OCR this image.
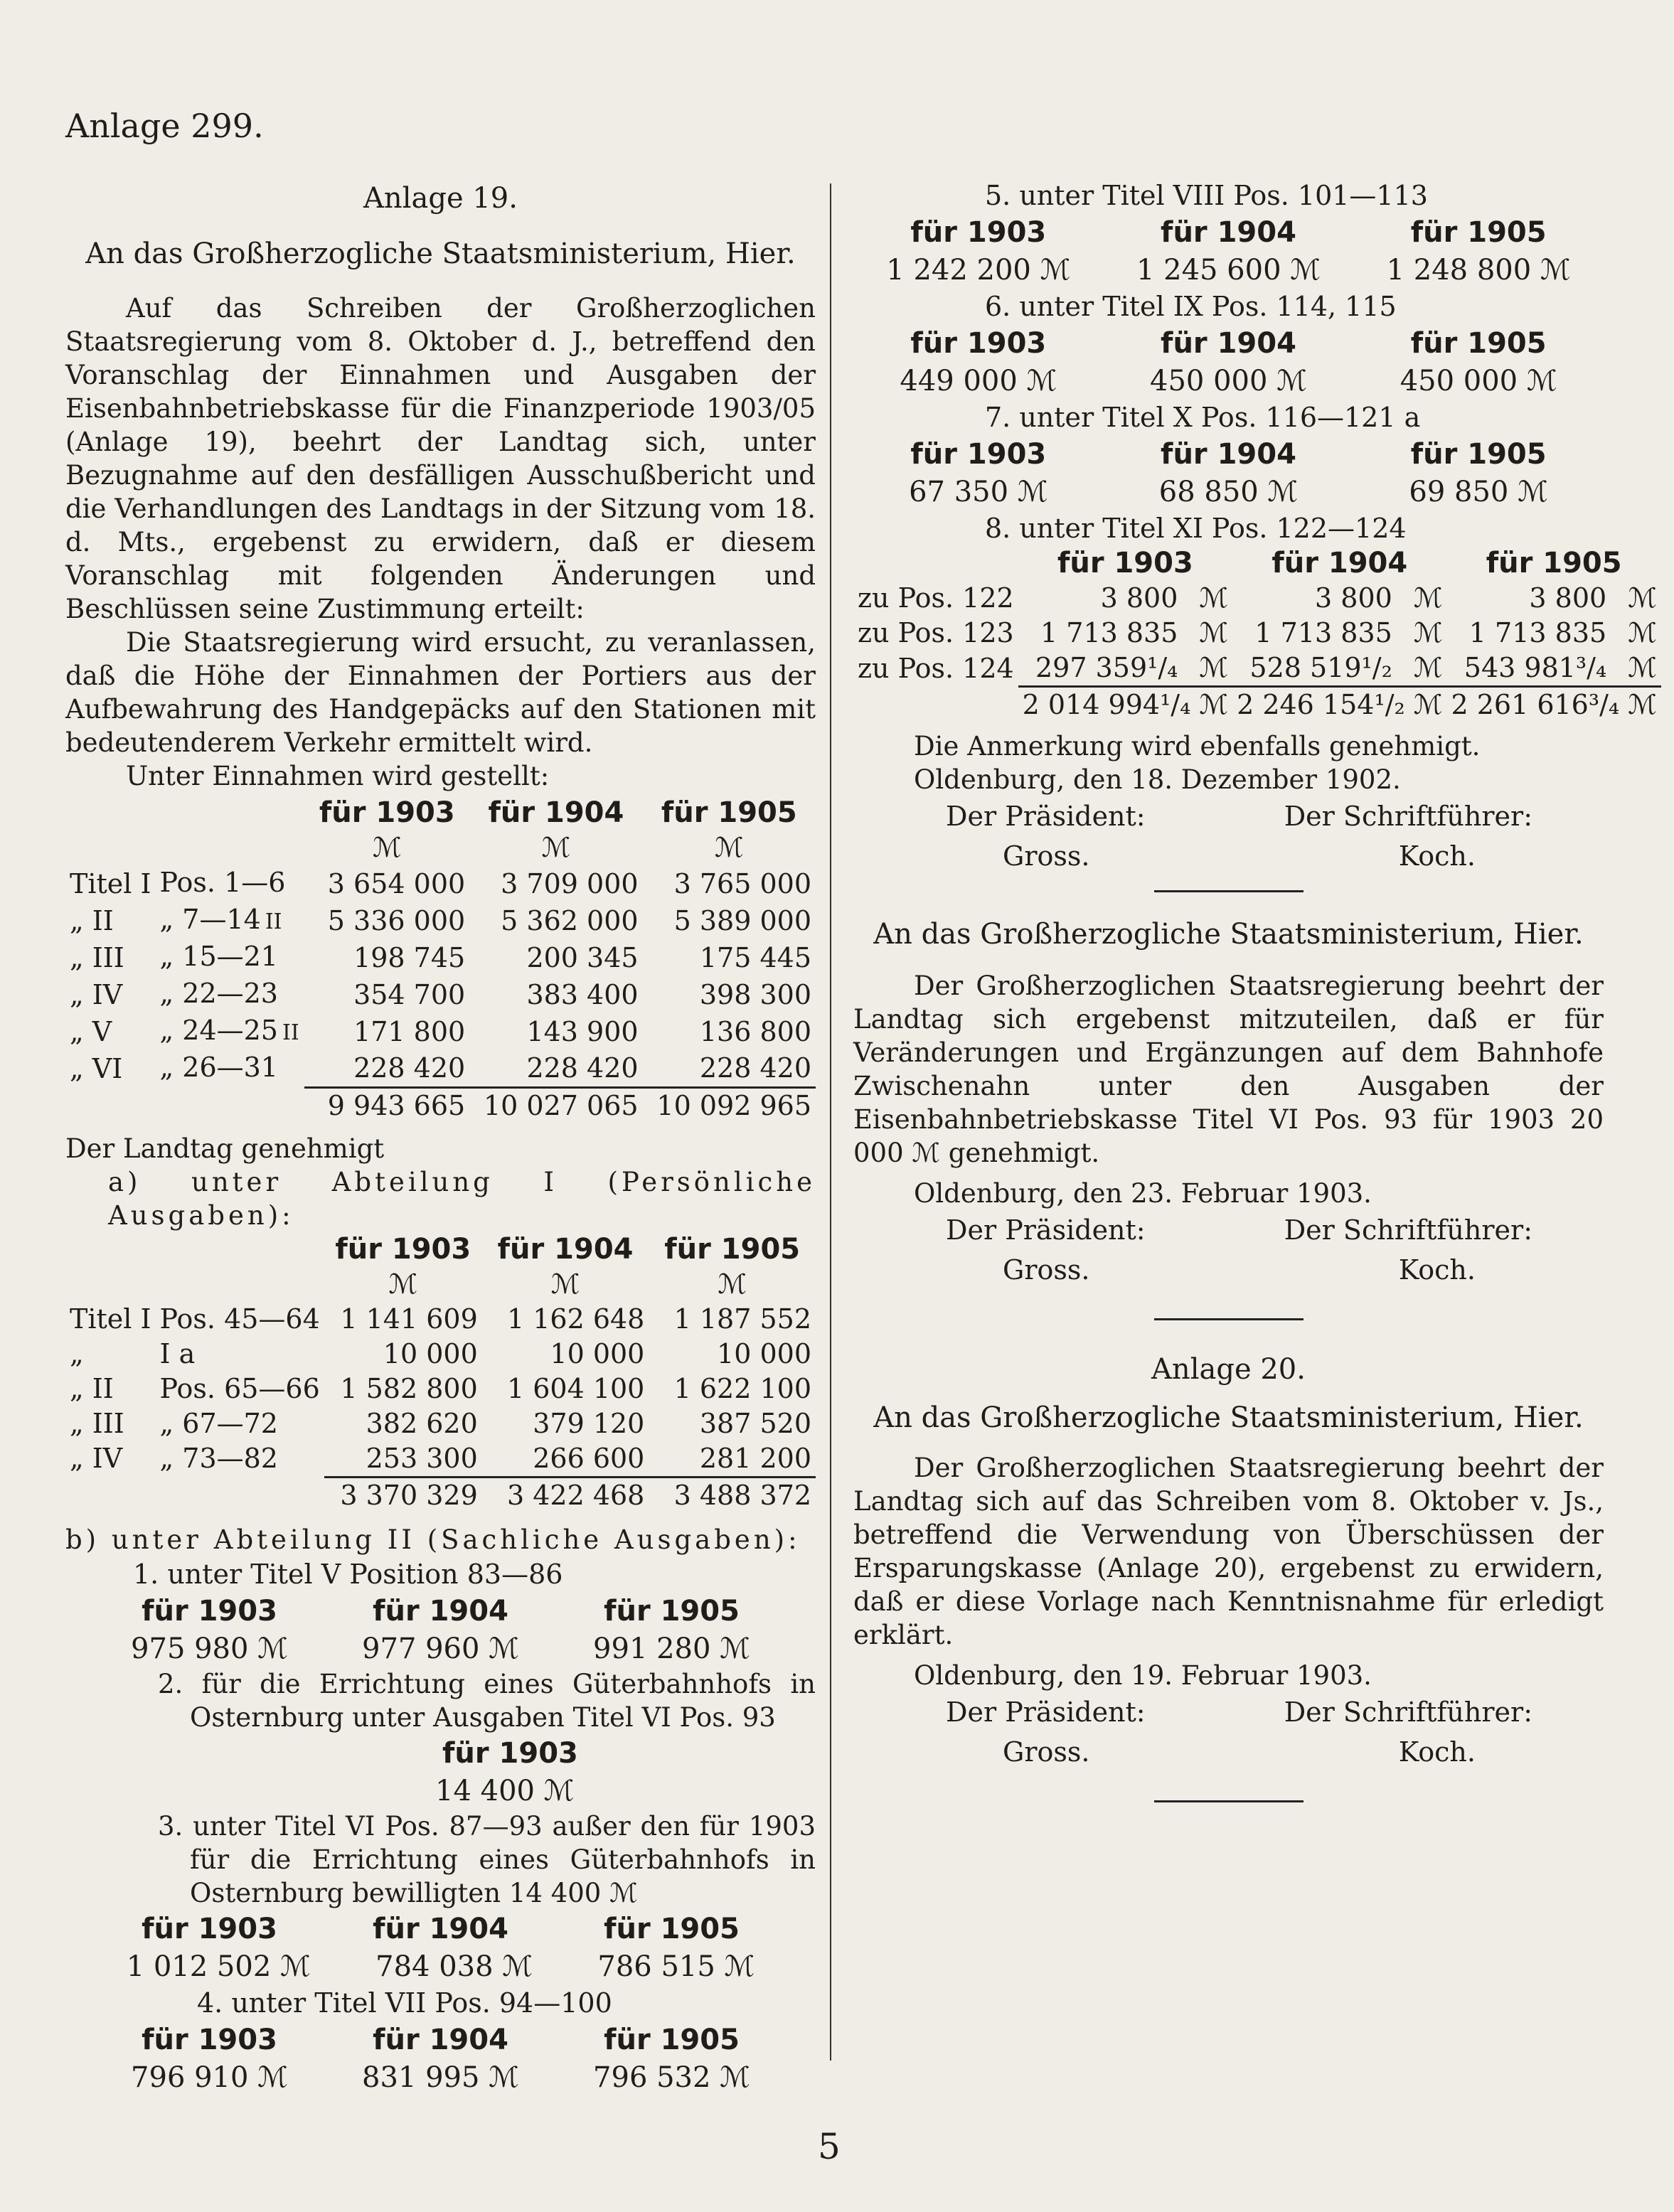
Anlage 299.

Anlage 19.

An das Großherzogliche Staatsministerium, Hier.

Auf das Schreiben der Großherzoglichen Staatsregierung vom 8. Oktober d. J., betreffend den Voranschlag der Einnahmen und Ausgaben der Eisenbahnbetriebskasse für die Finanzperiode 1903/05 (Anlage 19), beehrt der Landtag sich, unter Bezugnahme auf den desfälligen Ausschußbericht und die Verhandlungen des Landtags in der Sitzung vom 18. d. Mts., ergebenst zu erwidern, daß er diesem Voranschlag mit folgenden Änderungen und Beschlüssen seine Zustimmung erteilt:

Die Staatsregierung wird ersucht, zu veranlassen, daß die Höhe der Einnahmen der Portiers aus der Aufbewahrung des Handgepäcks auf den Stationen mit bedeutenderem Verkehr ermittelt wird.

Unter Einnahmen wird gestellt:

		für 1903	für 1904	für 1905
		ℳ	ℳ	ℳ
Titel I	Pos. 1—6	3 654 000	3 709 000	3 765 000
„ II	„ 7—14 II	5 336 000	5 362 000	5 389 000
„ III	„ 15—21	198 745	200 345	175 445
„ IV	„ 22—23	354 700	383 400	398 300
„ V	„ 24—25 II	171 800	143 900	136 800
„ VI	„ 26—31	228 420	228 420	228 420
		9 943 665	10 027 065	10 092 965

Der Landtag genehmigt

a) unter Abteilung I (Persönliche Ausgaben):

		für 1903	für 1904	für 1905
		ℳ	ℳ	ℳ
Titel I	Pos. 45—64	1 141 609	1 162 648	1 187 552
„	I a	10 000	10 000	10 000
„ II	Pos. 65—66	1 582 800	1 604 100	1 622 100
„ III	„ 67—72	382 620	379 120	387 520
„ IV	„ 73—82	253 300	266 600	281 200
		3 370 329	3 422 468	3 488 372

b) unter Abteilung II (Sachliche Ausgaben):

1. unter Titel V Position 83—86

für 1903	für 1904	für 1905
975 980 ℳ	977 960 ℳ	991 280 ℳ

2. für die Errichtung eines Güterbahnhofs in Osternburg unter Ausgaben Titel VI Pos. 93

für 1903

14 400 ℳ

3. unter Titel VI Pos. 87—93 außer den für 1903 für die Errichtung eines Güterbahnhofs in Osternburg bewilligten 14 400 ℳ

für 1903	für 1904	für 1905
1 012 502 ℳ 784 038 ℳ 786 515 ℳ

4. unter Titel VII Pos. 94—100

für 1903	für 1904	für 1905
796 910 ℳ	831 995 ℳ	796 532 ℳ

5. unter Titel VIII Pos. 101—113

für 1903	für 1904	für 1905
1 242 200 ℳ 1 245 600 ℳ 1 248 800 ℳ

6. unter Titel IX Pos. 114, 115

für 1903	für 1904	für 1905
449 000 ℳ	450 000 ℳ	450 000 ℳ

7. unter Titel X Pos. 116—121 a

für 1903	für 1904	für 1905
67 350 ℳ	68 850 ℳ	69 850 ℳ

8. unter Titel XI Pos. 122—124

	für 1903	für 1904	für 1905
zu Pos. 122	3 800 ℳ	3 800 ℳ	3 800 ℳ
zu Pos. 123	1 713 835 ℳ	1 713 835 ℳ	1 713 835 ℳ
zu Pos. 124	297 359¹/₄ ℳ	528 519¹/₂ ℳ	543 981³/₄ ℳ
	2 014 994¹/₄ ℳ	2 246 154¹/₂ ℳ	2 261 616³/₄ ℳ

Die Anmerkung wird ebenfalls genehmigt.

Oldenburg, den 18. Dezember 1902.

Der Präsident:	Der Schriftführer:
Gross.	Koch.

An das Großherzogliche Staatsministerium, Hier.

Der Großherzoglichen Staatsregierung beehrt der Landtag sich ergebenst mitzuteilen, daß er für Veränderungen und Ergänzungen auf dem Bahnhofe Zwischenahn unter den Ausgaben der Eisenbahnbetriebskasse Titel VI Pos. 93 für 1903 20 000 ℳ genehmigt.

Oldenburg, den 23. Februar 1903.

Der Präsident:	Der Schriftführer:
Gross.	Koch.

Anlage 20.

An das Großherzogliche Staatsministerium, Hier.

Der Großherzoglichen Staatsregierung beehrt der Landtag sich auf das Schreiben vom 8. Oktober v. Js., betreffend die Verwendung von Überschüssen der Ersparungskasse (Anlage 20), ergebenst zu erwidern, daß er diese Vorlage nach Kenntnisnahme für erledigt erklärt.

Oldenburg, den 19. Februar 1903.

Der Präsident:	Der Schriftführer:
Gross.	Koch.
5
